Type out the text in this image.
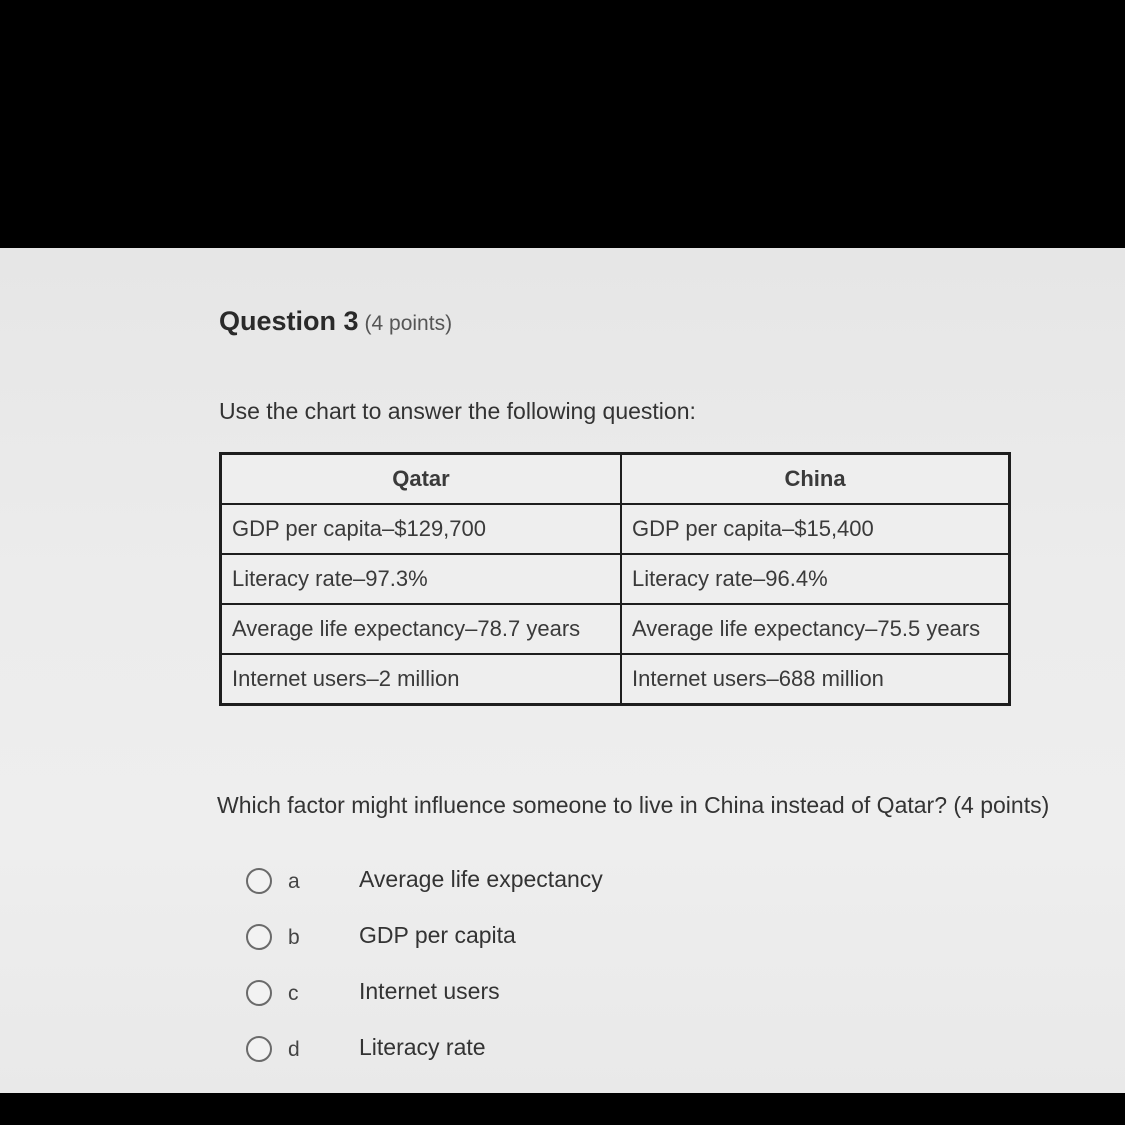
Question 3 (4 points)
Use the chart to answer the following question:
Qatar	China
GDP per capita–$129,700	GDP per capita–$15,400
Literacy rate–97.3%	Literacy rate–96.4%
Average life expectancy–78.7 years	Average life expectancy–75.5 years
Internet users–2 million	Internet users–688 million
Which factor might influence someone to live in China instead of Qatar? (4 points)
a	Average life expectancy
b	GDP per capita
c	Internet users
d	Literacy rate
